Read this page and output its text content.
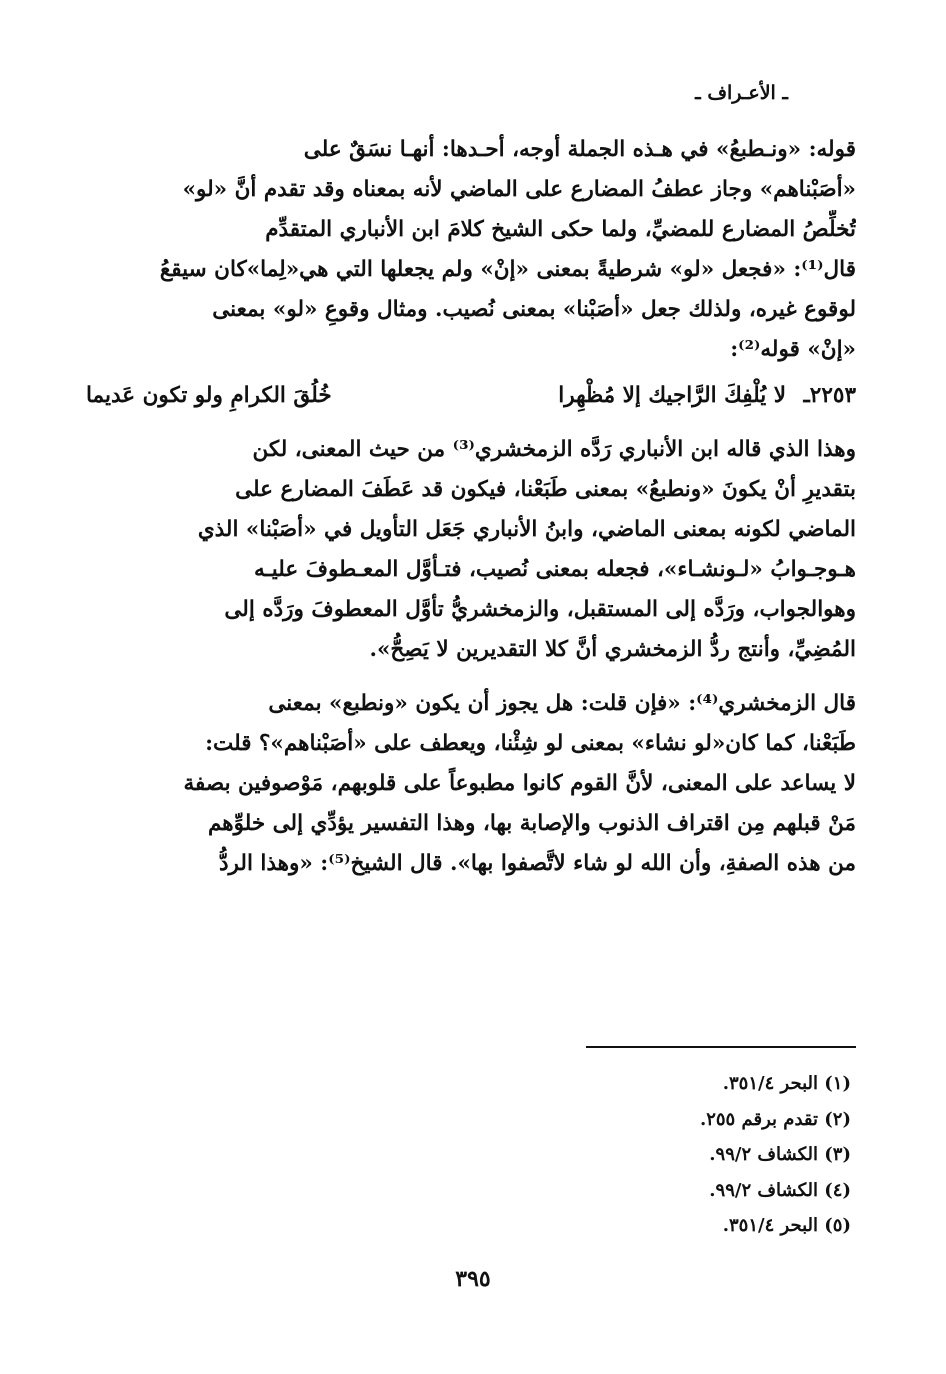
ـ الأعـراف ـ
قوله: «ونـطبعُ» في هـذه الجملة أوجه، أحـدها: أنهـا نسَقٌ على
«أصَبْناهم» وجاز عطفُ المضارع على الماضي لأنه بمعناه وقد تقدم أنَّ «لو»
تُخلِّصُ المضارع للمضيِّ، ولما حكى الشيخ كلامَ ابن الأنباري المتقدِّم
قال⁽¹⁾: «فجعل «لو» شرطيةً بمعنى «إنْ» ولم يجعلها التي هي«لِما»كان سيقعُ
لوقوع غيره، ولذلك جعل «أصَبْنا» بمعنى نُصيب. ومثال وقوعِ «لو» بمعنى
«إنْ» قوله⁽²⁾:
٢٢٥٣ـ لا يُلْفِكَ الرَّاجيك إلا مُظْهِرا
خُلُقَ الكرامِ ولو تكون عَديما
وهذا الذي قاله ابن الأنباري رَدَّه الزمخشري⁽³⁾ من حيث المعنى، لكن
بتقديرِ أنْ يكونَ «ونطبعُ» بمعنى طَبَعْنا، فيكون قد عَطَفَ المضارع على
الماضي لكونه بمعنى الماضي، وابنُ الأنباري جَعَل التأويل في «أصَبْنا» الذي
هـوجـوابُ «لـونشـاء»، فجعله بمعنى نُصيب، فتـأوَّل المعـطوفَ عليـه
وهوالجواب، ورَدَّه إلى المستقبل، والزمخشريُّ تأوَّل المعطوفَ ورَدَّه إلى
المُضِيِّ، وأنتج ردُّ الزمخشري أنَّ كلا التقديرين لا يَصِحُّ».
قال الزمخشري⁽⁴⁾: «فإن قلت: هل يجوز أن يكون «ونطبع» بمعنى
طَبَعْنا، كما كان«لو نشاء» بمعنى لو شِئْنا، ويعطف على «أصَبْناهم»؟ قلت:
لا يساعد على المعنى، لأنَّ القوم كانوا مطبوعاً على قلوبهم، مَوْصوفين بصفة
مَنْ قبلهم مِن اقتراف الذنوب والإصابة بها، وهذا التفسير يؤدِّي إلى خلوِّهم
من هذه الصفةِ، وأن الله لو شاء لاتَّصفوا بها». قال الشيخ⁽⁵⁾: «وهذا الردُّ
(١) البحر ٣٥١/٤.
(٢) تقدم برقم ٢٥٥.
(٣) الكشاف ٩٩/٢.
(٤) الكشاف ٩٩/٢.
(٥) البحر ٣٥١/٤.
٣٩٥
